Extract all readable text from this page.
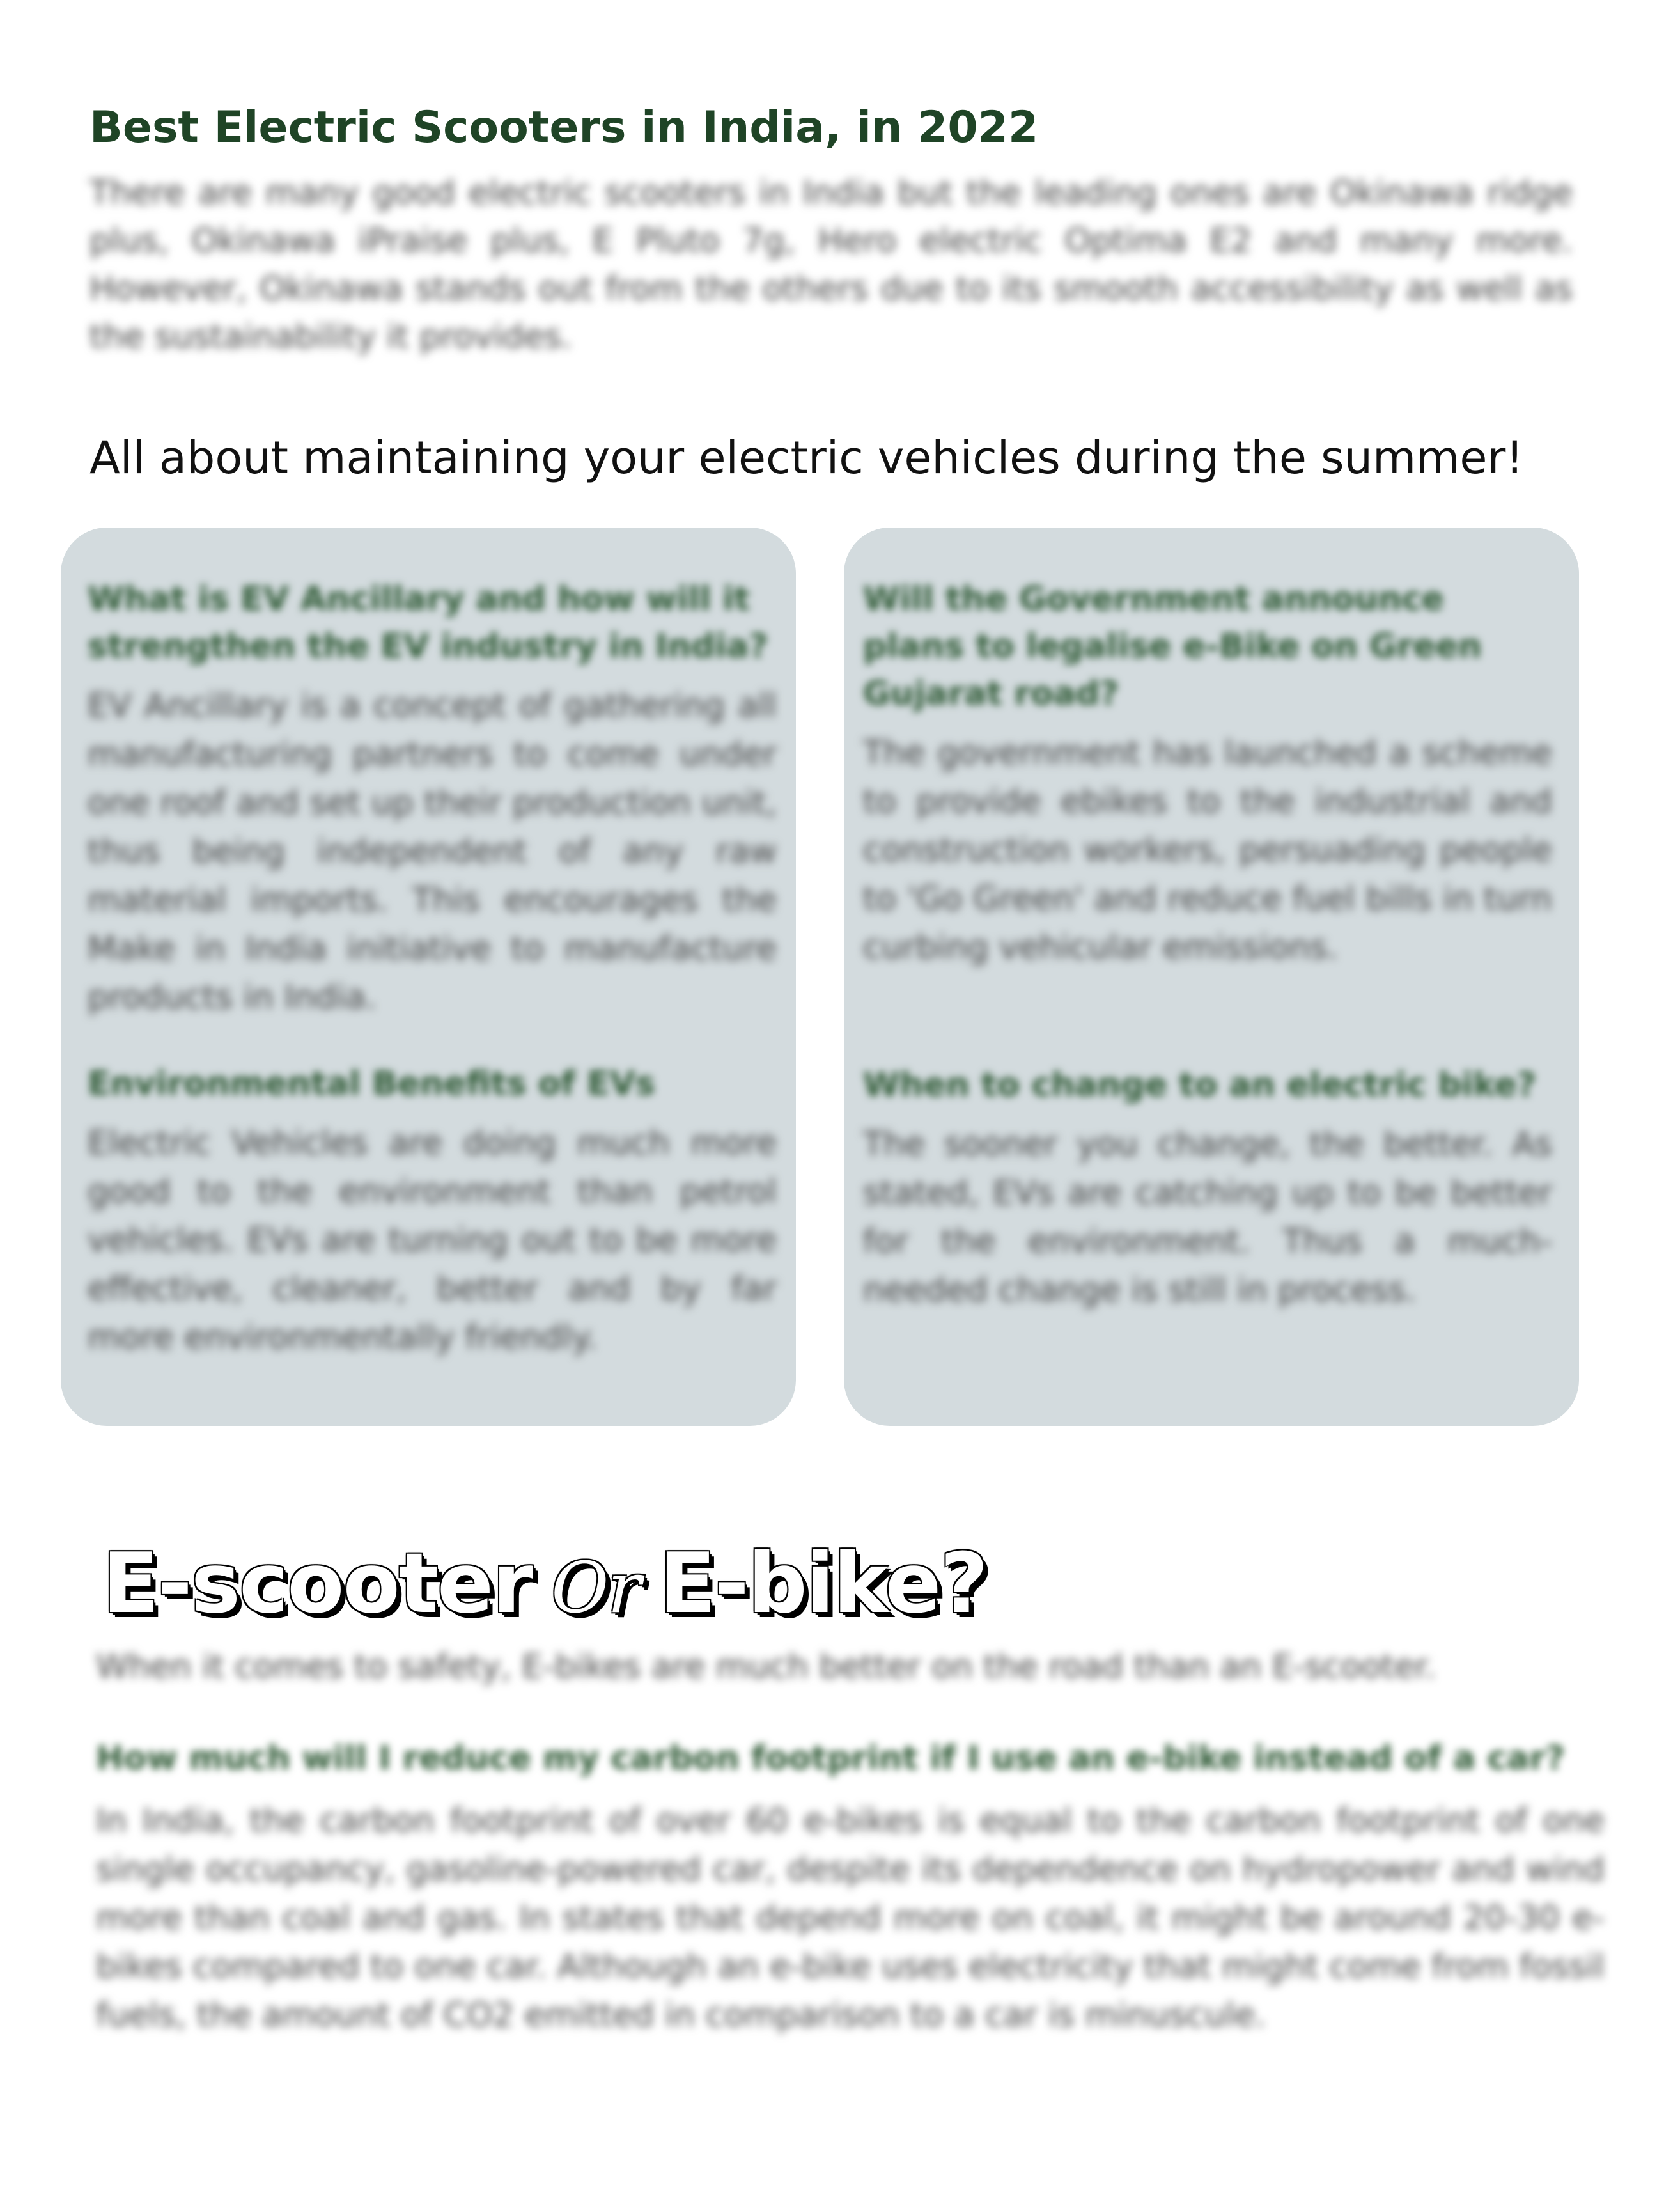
Best Electric Scooters in India, in 2022
There are many good electric scooters in India but the leading ones are Okinawa ridge plus, Okinawa iPraise plus, E Pluto 7g, Hero electric Optima E2 and many more. However, Okinawa stands out from the others due to its smooth accessibility as well as the sustainability it provides.
All about maintaining your electric vehicles during the summer!
What is EV Ancillary and how will it strengthen the EV industry in India?
EV Ancillary is a concept of gathering all manufacturing partners to come under one roof and set up their production unit, thus being independent of any raw material imports. This encourages the Make in India initiative to manufacture products in India.
Environmental Benefits of EVs
Electric Vehicles are doing much more good to the environment than petrol vehicles. EVs are turning out to be more effective, cleaner, better and by far more environmentally friendly.
Will the Government announce plans to legalise e-Bike on Green Gujarat road?
The government has launched a scheme to provide ebikes to the industrial and construction workers, persuading people to 'Go Green' and reduce fuel bills in turn curbing vehicular emissions.
When to change to an electric bike?
The sooner you change, the better. As stated, EVs are catching up to be better for the environment. Thus a much-needed change is still in process.
E-scooter Or E-bike?
When it comes to safety, E-bikes are much better on the road than an E-scooter.
How much will I reduce my carbon footprint if I use an e-bike instead of a car?
In India, the carbon footprint of over 60 e-bikes is equal to the carbon footprint of one single occupancy, gasoline-powered car, despite its dependence on hydropower and wind more than coal and gas. In states that depend more on coal, it might be around 20-30 e-bikes compared to one car. Although an e-bike uses electricity that might come from fossil fuels, the amount of CO2 emitted in comparison to a car is minuscule.
